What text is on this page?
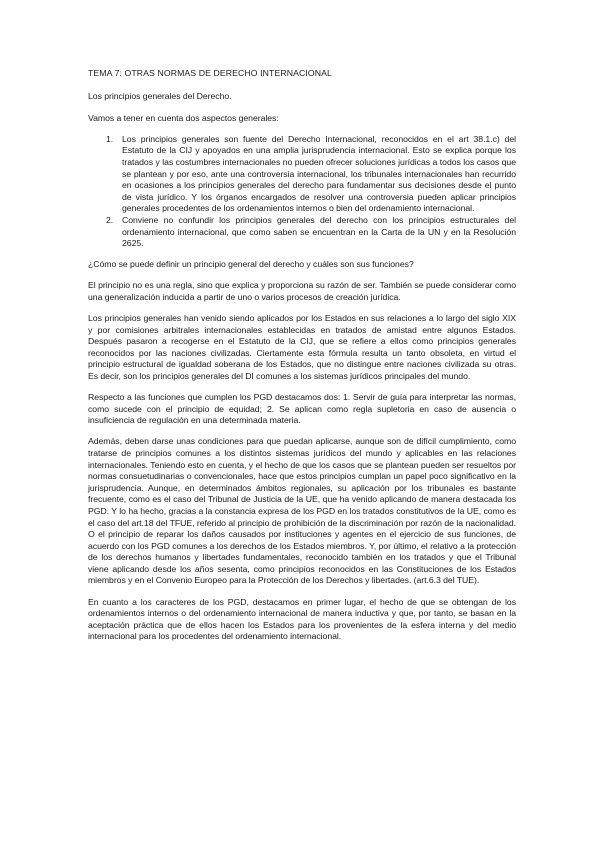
TEMA 7: OTRAS NORMAS DE DERECHO INTERNACIONAL
Los principios generales del Derecho.
Vamos a tener en cuenta dos aspectos generales:
1. Los principios generales son fuente del Derecho Internacional, reconocidos en el art 38.1.c) del Estatuto de la CIJ y apoyados en una amplia jurisprudencia internacional. Esto se explica porque los tratados y las costumbres internacionales no pueden ofrecer soluciones jurídicas a todos los casos que se plantean y por eso, ante una controversia internacional, los tribunales internacionales han recurrido en ocasiones a los principios generales del derecho para fundamentar sus decisiones desde el punto de vista jurídico. Y los órganos encargados de resolver una controversia pueden aplicar principios generales procedentes de los ordenamientos internos o bien del ordenamiento internacional.
2. Conviene no confundir los principios generales del derecho con los principios estructurales del ordenamiento internacional, que como saben se encuentran en la Carta de la UN y en la Resolución 2625.
¿Cómo se puede definir un principio general del derecho y cuáles son sus funciones?

El principio no es una regla, sino que explica y proporciona su razón de ser. También se puede considerar como una generalización inducida a partir de uno o varios procesos de creación jurídica.

Los principios generales han venido siendo aplicados por los Estados en sus relaciones a lo largo del siglo XIX y por comisiones arbitrales internacionales establecidas en tratados de amistad entre algunos Estados. Después pasaron a recogerse en el Estatuto de la CIJ, que se refiere a ellos como principios generales reconocidos por las naciones civilizadas. Ciertamente esta fórmula resulta un tanto obsoleta, en virtud el principio estructural de igualdad soberana de los Estados, que no distingue entre naciones civilizada su otras. Es decir, son los principios generales del DI comunes a los sistemas jurídicos principales del mundo.

Respecto a las funciones que cumplen los PGD destacamos dos: 1. Servir de guía para interpretar las normas, como sucede con el principio de equidad; 2. Se aplican como regla supletoria en caso de ausencia o insuficiencia de regulación en una determinada materia.

Además, deben darse unas condiciones para que puedan aplicarse, aunque son de difícil cumplimiento, como tratarse de principios comunes a los distintos sistemas jurídicos del mundo y aplicables en las relaciones internacionales. Teniendo esto en cuenta, y el hecho de que los casos que se plantean pueden ser resueltos por normas consuetudinarias o convencionales, hace que estos principios cumplan un papel poco significativo en la jurisprudencia. Aunque, en determinados ámbitos regionales, su aplicación por los tribunales es bastante frecuente, como es el caso del Tribunal de Justicia de la UE, que ha venido aplicando de manera destacada los PGD. Y lo ha hecho, gracias a la constancia expresa de los PGD en los tratados constitutivos de la UE, como es el caso del art.18 del TFUE, referido al principio de prohibición de la discriminación por razón de la nacionalidad. O el principio de reparar los daños causados por instituciones y agentes en el ejercicio de sus funciones, de acuerdo con los PGD comunes a los derechos de los Estados miembros. Y, por último, el relativo a la protección de los derechos humanos y libertades fundamentales, reconocido también en los tratados y que el Tribunal viene aplicando desde los años sesenta, como principios reconocidos en las Constituciones de los Estados miembros y en el Convenio Europeo para la Protección de los Derechos y libertades. (art.6.3 del TUE).

En cuanto a los caracteres de los PGD, destacamos en primer lugar, el hecho de que se obtengan de los ordenamientos internos o del ordenamiento internacional de manera inductiva y que, por tanto, se basan en la aceptación práctica que de ellos hacen los Estados para los provenientes de la esfera interna y del medio internacional para los procedentes del ordenamiento internacional.
